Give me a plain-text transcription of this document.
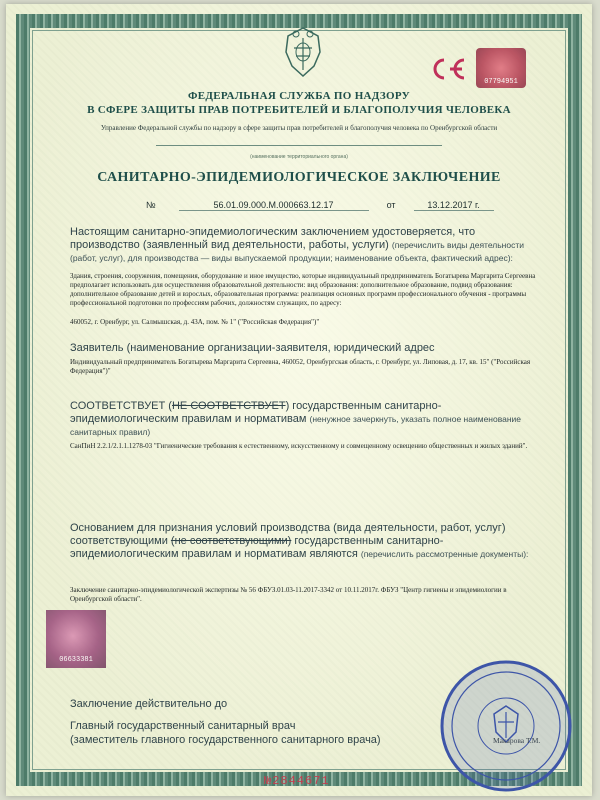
07794951
ФЕДЕРАЛЬНАЯ СЛУЖБА ПО НАДЗОРУ
В СФЕРЕ ЗАЩИТЫ ПРАВ ПОТРЕБИТЕЛЕЙ И БЛАГОПОЛУЧИЯ ЧЕЛОВЕКА
Управление Федеральной службы по надзору в сфере защиты прав потребителей и благополучия человека по Оренбургской области
(наименование территориального органа)
САНИТАРНО-ЭПИДЕМИОЛОГИЧЕСКОЕ ЗАКЛЮЧЕНИЕ
№	56.01.09.000.М.000663.12.17	от	13.12.2017 г.
Настоящим санитарно-эпидемиологическим заключением удостоверяется, что производство (заявленный вид деятельности, работы, услуги) (перечислить виды деятельности (работ, услуг), для производства — виды выпускаемой продукции; наименование объекта, фактический адрес):
Здания, строения, сооружения, помещения, оборудование и иное имущество, которые индивидуальный предприниматель Богатырева Маргарита Сергеевна предполагает использовать для осуществления образовательной деятельности: вид образования: дополнительное образование, подвид образования: дополнительное образование детей и взрослых, образовательная программа: реализация основных программ профессионального обучения - программы профессиональной подготовки по профессиям рабочих, должностям служащих, по адресу:
460052, г. Оренбург, ул. Салмышская, д. 43А, пом. № 1" ("Российская Федерация")"
Заявитель (наименование организации-заявителя, юридический адрес
Индивидуальный предприниматель Богатырева Маргарита Сергеевна, 460052, Оренбургская область, г. Оренбург, ул. Липовая, д. 17, кв. 15" ("Российская Федерация")"
СООТВЕТСТВУЕТ (НЕ СООТВЕТСТВУЕТ) государственным санитарно-эпидемиологическим правилам и нормативам (ненужное зачеркнуть, указать полное наименование санитарных правил)
СанПиН 2.2.1/2.1.1.1278-03 "Гигиенические требования к естественному, искусственному и совмещенному освещению общественных и жилых зданий".
Основанием для признания условий производства (вида деятельности, работ, услуг) соответствующими (не соответствующими) государственным санитарно-эпидемиологическим правилам и нормативам являются (перечислить рассмотренные документы):
Заключение санитарно-эпидемиологической экспертизы № 56 ФБУЗ.01.03-11.2017-3342 от 10.11.2017г. ФБУЗ "Центр гигиены и эпидемиологии в Оренбургской области".
06633381
Заключение действительно до
Главный государственный санитарный врач
(заместитель главного государственного санитарного врача)	Макарова Т.М.
№2844671
